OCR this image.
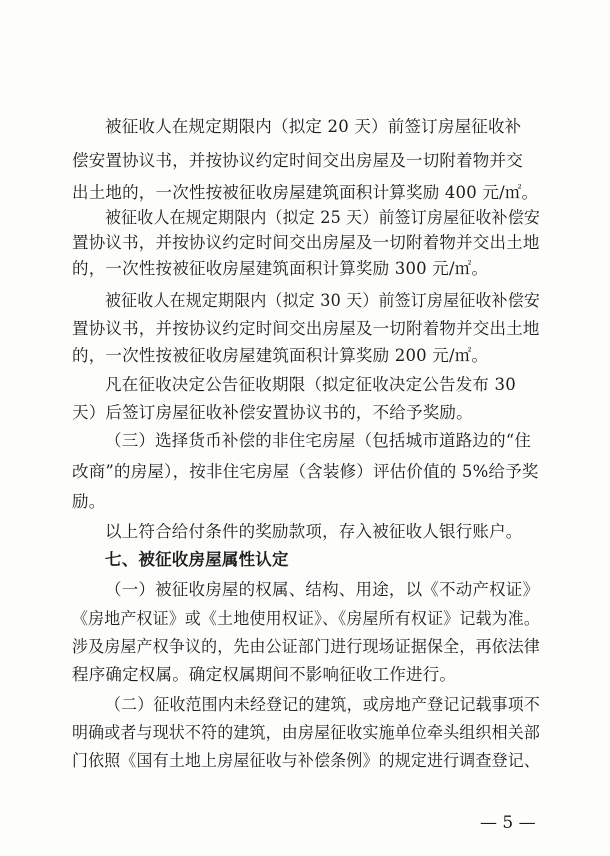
被征收人在规定期限内（拟定 20 天）前签订房屋征收补
偿安置协议书，并按协议约定时间交出房屋及一切附着物并交
出土地的，一次性按被征收房屋建筑面积计算奖励 400 元/㎡。
被征收人在规定期限内（拟定 25 天）前签订房屋征收补偿安
置协议书，并按协议约定时间交出房屋及一切附着物并交出土地
的，一次性按被征收房屋建筑面积计算奖励 300 元/㎡。
被征收人在规定期限内（拟定 30 天）前签订房屋征收补偿安
置协议书，并按协议约定时间交出房屋及一切附着物并交出土地
的，一次性按被征收房屋建筑面积计算奖励 200 元/㎡。
凡在征收决定公告征收期限（拟定征收决定公告发布 30
天）后签订房屋征收补偿安置协议书的，不给予奖励。
（三）选择货币补偿的非住宅房屋（包括城市道路边的“住
改商”的房屋），按非住宅房屋（含装修）评估价值的 5%给予奖
励。
以上符合给付条件的奖励款项，存入被征收人银行账户。
七、被征收房屋属性认定
（一）被征收房屋的权属、结构、用途，以《不动产权证》
《房地产权证》或《土地使用权证》、《房屋所有权证》记载为准。
涉及房屋产权争议的，先由公证部门进行现场证据保全，再依法律
程序确定权属。确定权属期间不影响征收工作进行。
（二）征收范围内未经登记的建筑，或房地产登记记载事项不
明确或者与现状不符的建筑，由房屋征收实施单位牵头组织相关部
门依照《国有土地上房屋征收与补偿条例》的规定进行调查登记、
— 5 —
